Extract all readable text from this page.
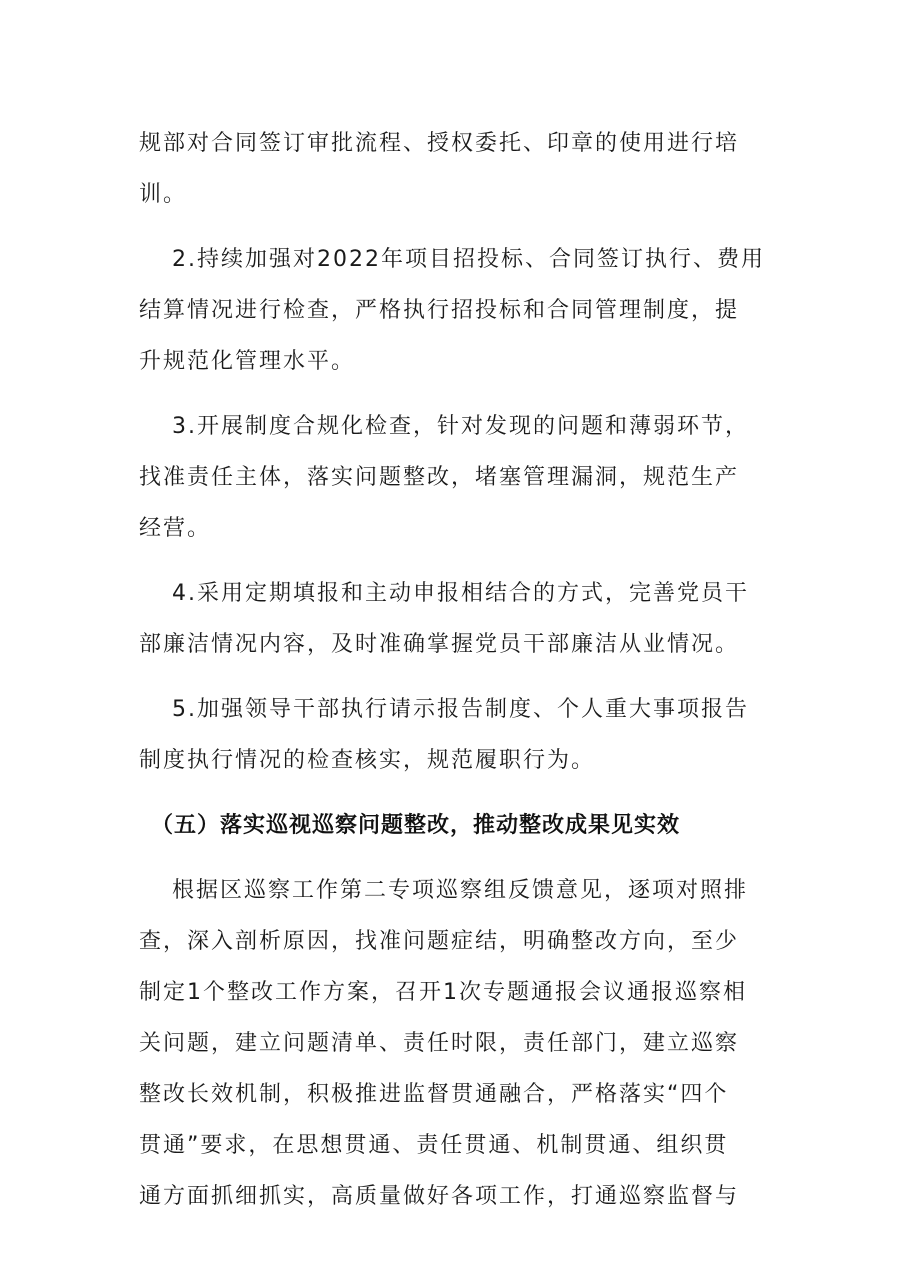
规部对合同签订审批流程、授权委托、印章的使用进行培
训。
2.持续加强对2022年项目招投标、合同签订执行、费用
结算情况进行检查，严格执行招投标和合同管理制度，提
升规范化管理水平。
3.开展制度合规化检查，针对发现的问题和薄弱环节，
找准责任主体，落实问题整改，堵塞管理漏洞，规范生产
经营。
4.采用定期填报和主动申报相结合的方式，完善党员干
部廉洁情况内容，及时准确掌握党员干部廉洁从业情况。
5.加强领导干部执行请示报告制度、个人重大事项报告
制度执行情况的检查核实，规范履职行为。
（五）落实巡视巡察问题整改，推动整改成果见实效
根据区巡察工作第二专项巡察组反馈意见，逐项对照排
查，深入剖析原因，找准问题症结，明确整改方向，至少
制定1个整改工作方案，召开1次专题通报会议通报巡察相
关问题，建立问题清单、责任时限，责任部门，建立巡察
整改长效机制，积极推进监督贯通融合，严格落实“四个
贯通”要求，在思想贯通、责任贯通、机制贯通、组织贯
通方面抓细抓实，高质量做好各项工作，打通巡察监督与
